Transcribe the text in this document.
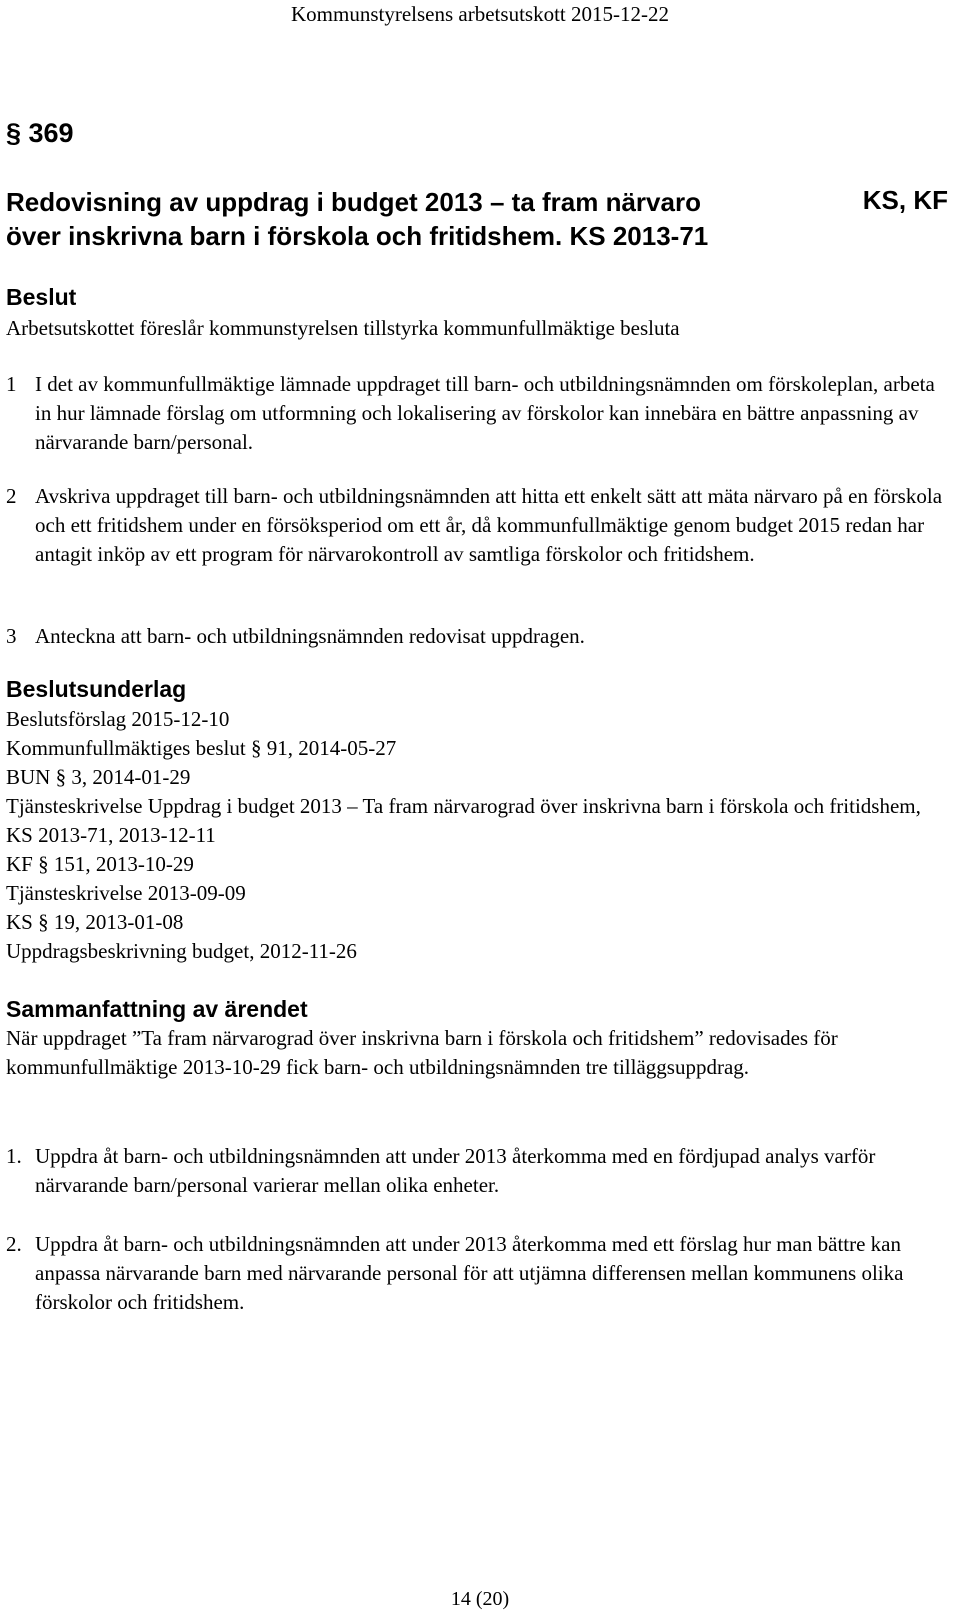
Kommunstyrelsens arbetsutskott 2015-12-22
§ 369
Redovisning av uppdrag i budget 2013 – ta fram närvaro
över inskrivna barn i förskola och fritidshem. KS 2013-71
KS, KF
Beslut
Arbetsutskottet föreslår kommunstyrelsen tillstyrka kommunfullmäktige besluta
1 I det av kommunfullmäktige lämnade uppdraget till barn- och utbildningsnämnden om förskoleplan, arbeta in hur lämnade förslag om utformning och lokalisering av förskolor kan innebära en bättre anpassning av närvarande barn/personal.
2 Avskriva uppdraget till barn- och utbildningsnämnden att hitta ett enkelt sätt att mäta närvaro på en förskola och ett fritidshem under en försöksperiod om ett år, då kommunfullmäktige genom budget 2015 redan har antagit inköp av ett program för närvarokontroll av samtliga förskolor och fritidshem.
3 Anteckna att barn- och utbildningsnämnden redovisat uppdragen.
Beslutsunderlag
Beslutsförslag 2015-12-10
Kommunfullmäktiges beslut § 91, 2014-05-27
BUN § 3, 2014-01-29
Tjänsteskrivelse Uppdrag i budget 2013 – Ta fram närvarograd över inskrivna barn i förskola och fritidshem, KS 2013-71, 2013-12-11
KF § 151, 2013-10-29
Tjänsteskrivelse 2013-09-09
KS § 19, 2013-01-08
Uppdragsbeskrivning budget, 2012-11-26
Sammanfattning av ärendet
När uppdraget ”Ta fram närvarograd över inskrivna barn i förskola och fritidshem” redovisades för kommunfullmäktige 2013-10-29 fick barn- och utbildningsnämnden tre tilläggsuppdrag.
1. Uppdra åt barn- och utbildningsnämnden att under 2013 återkomma med en fördjupad analys varför närvarande barn/personal varierar mellan olika enheter.
2. Uppdra åt barn- och utbildningsnämnden att under 2013 återkomma med ett förslag hur man bättre kan anpassa närvarande barn med närvarande personal för att utjämna differensen mellan kommunens olika förskolor och fritidshem.
14 (20)
